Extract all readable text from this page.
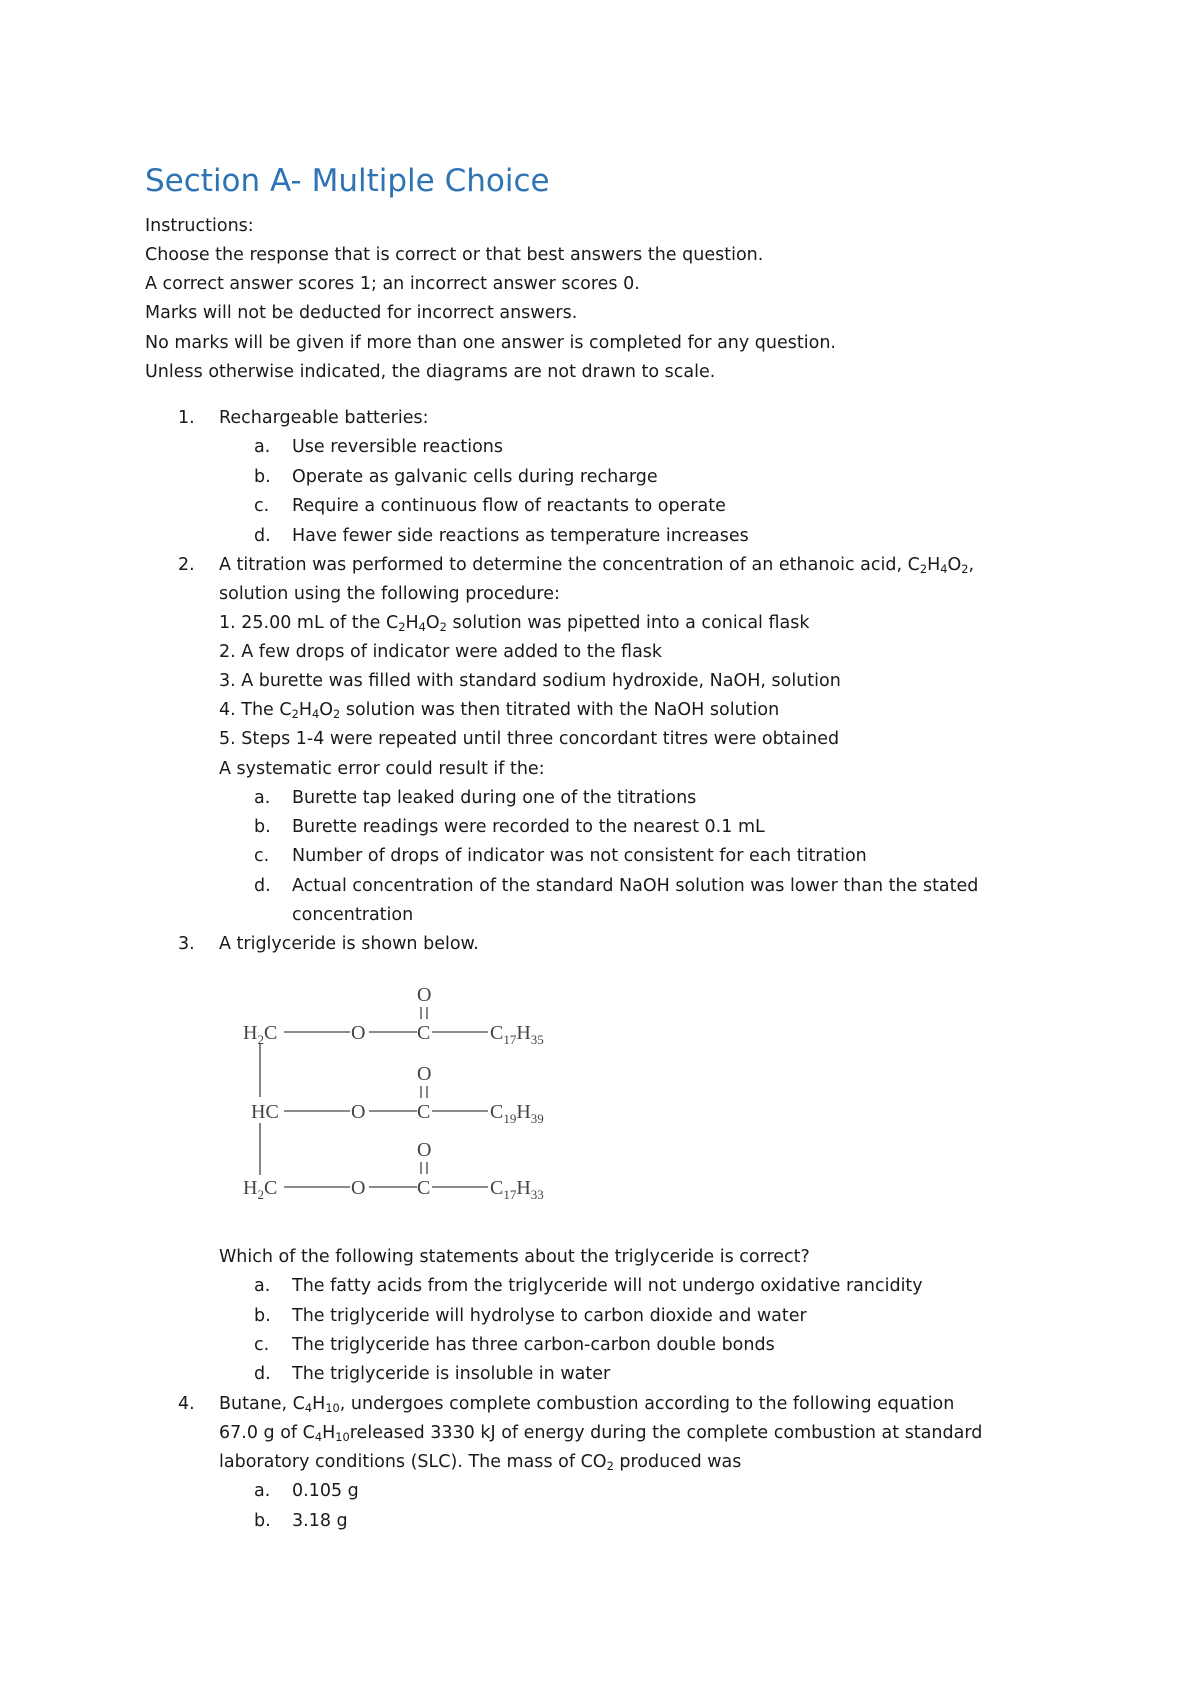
Section A- Multiple Choice
Instructions:
Choose the response that is correct or that best answers the question.
A correct answer scores 1; an incorrect answer scores 0.
Marks will not be deducted for incorrect answers.
No marks will be given if more than one answer is completed for any question.
Unless otherwise indicated, the diagrams are not drawn to scale.
1. Rechargeable batteries:
a. Use reversible reactions
b. Operate as galvanic cells during recharge
c. Require a continuous flow of reactants to operate
d. Have fewer side reactions as temperature increases
2. A titration was performed to determine the concentration of an ethanoic acid, $C_2H_4O_2$,
solution using the following procedure:
1. 25.00 mL of the $C_2H_4O_2$ solution was pipetted into a conical flask
2. A few drops of indicator were added to the flask
3. A burette was filled with standard sodium hydroxide, NaOH, solution
4. The $C_2H_4O_2$ solution was then titrated with the NaOH solution
5. Steps 1-4 were repeated until three concordant titres were obtained
A systematic error could result if the:
a. Burette tap leaked during one of the titrations
b. Burette readings were recorded to the nearest 0.1 mL
c. Number of drops of indicator was not consistent for each titration
d. Actual concentration of the standard NaOH solution was lower than the stated
concentration
3. A triglyceride is shown below.
$H_2C$	O
O
C	$C_{17}H_{35}$
HC	O
O
C	$C_{19}H_{39}$
$H_2C$	O
O
C	$C_{17}H_{33}$
Which of the following statements about the triglyceride is correct?
a. The fatty acids from the triglyceride will not undergo oxidative rancidity
b. The triglyceride will hydrolyse to carbon dioxide and water
c. The triglyceride has three carbon-carbon double bonds
d. The triglyceride is insoluble in water
4. Butane, $C_4H_{10}$, undergoes complete combustion according to the following equation
67.0 g of $C_4H_{10}released$ 3330 kJ of energy during the complete combustion at standard
laboratory conditions (SLC). The mass of $CO_2$ produced was
a. 0.105 g
b. 3.18 g
